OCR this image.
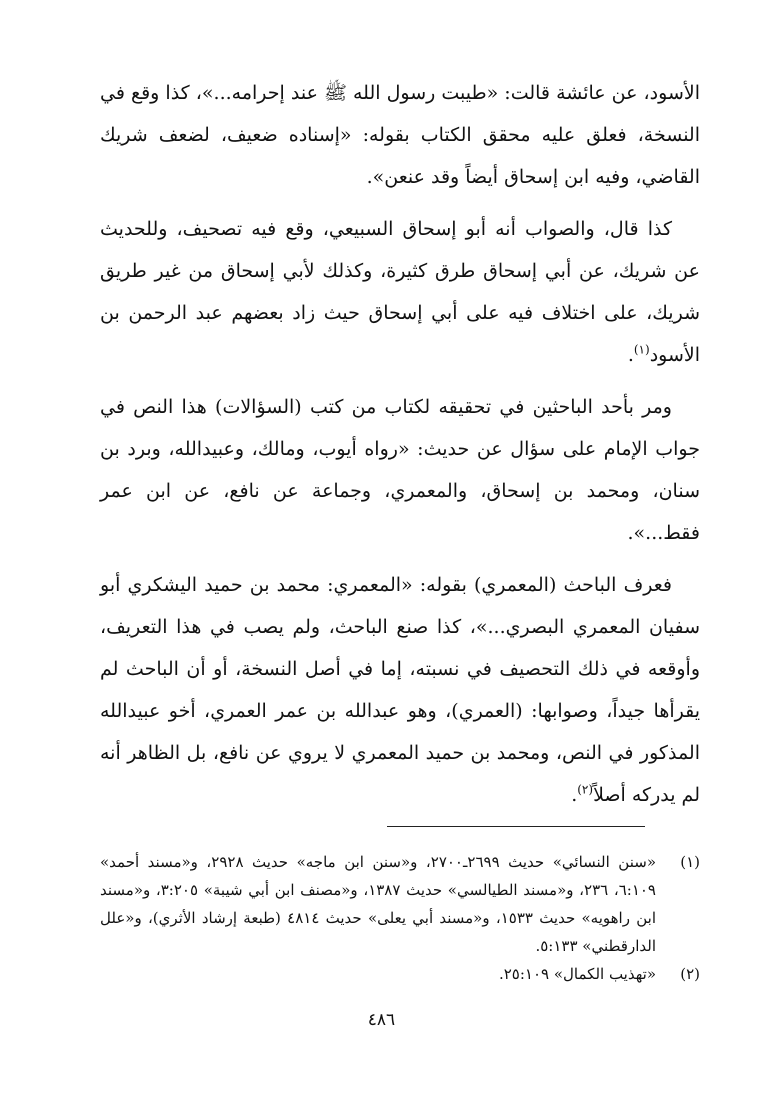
الأسود، عن عائشة قالت: «طيبت رسول الله ﷺ عند إحرامه...»، كذا وقع في النسخة، فعلق عليه محقق الكتاب بقوله: «إسناده ضعيف، لضعف شريك القاضي، وفيه ابن إسحاق أيضاً وقد عنعن».

كذا قال، والصواب أنه أبو إسحاق السبيعي، وقع فيه تصحيف، وللحديث عن شريك، عن أبي إسحاق طرق كثيرة، وكذلك لأبي إسحاق من غير طريق شريك، على اختلاف فيه على أبي إسحاق حيث زاد بعضهم عبد الرحمن بن الأسود$^{(١)}$.

ومر بأحد الباحثين في تحقيقه لكتاب من كتب (السؤالات) هذا النص في جواب الإمام على سؤال عن حديث: «رواه أيوب، ومالك، وعبيدالله، وبرد بن سنان، ومحمد بن إسحاق، والمعمري، وجماعة عن نافع، عن ابن عمر فقط...».

فعرف الباحث (المعمري) بقوله: «المعمري: محمد بن حميد اليشكري أبو سفيان المعمري البصري...»، كذا صنع الباحث، ولم يصب في هذا التعريف، وأوقعه في ذلك التحصيف في نسبته، إما في أصل النسخة، أو أن الباحث لم يقرأها جيداً، وصوابها: (العمري)، وهو عبدالله بن عمر العمري، أخو عبيدالله المذكور في النص، ومحمد بن حميد المعمري لا يروي عن نافع، بل الظاهر أنه لم يدركه أصلاً$^{(٢)}$.

(١)
«سنن النسائي» حديث ٢٦٩٩ـ٢٧٠٠، و«سنن ابن ماجه» حديث ٢٩٢٨، و«مسند أحمد» ٦:١٠٩، ٢٣٦، و«مسند الطيالسي» حديث ١٣٨٧، و«مصنف ابن أبي شيبة» ٣:٢٠٥، و«مسند ابن راهويه» حديث ١٥٣٣، و«مسند أبي يعلى» حديث ٤٨١٤ (طبعة إرشاد الأثري)، و«علل الدارقطني» ٥:١٣٣.
(٢)
«تهذيب الكمال» ٢٥:١٠٩.
٤٨٦
